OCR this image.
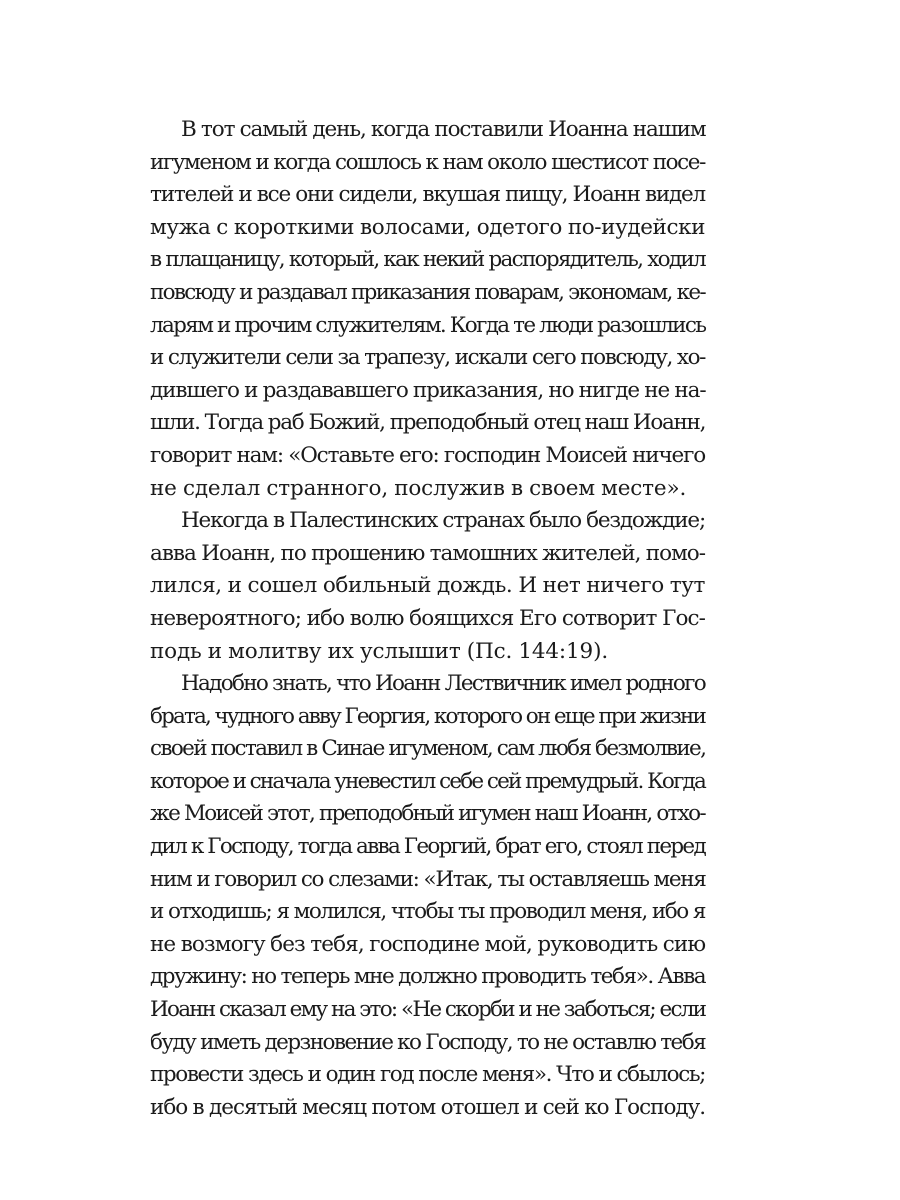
В тот самый день, когда поставили Иоанна нашим
игуменом и когда сошлось к нам около шестисот посе-
тителей и все они сидели, вкушая пищу, Иоанн видел
мужа с короткими волосами, одетого по-иудейски
в плащаницу, который, как некий распорядитель, ходил
повсюду и раздавал приказания поварам, экономам, ке-
ларям и прочим служителям. Когда те люди разошлись
и служители сели за трапезу, искали сего повсюду, хо-
дившего и раздававшего приказания, но нигде не на-
шли. Тогда раб Божий, преподобный отец наш Иоанн,
говорит нам: «Оставьте его: господин Моисей ничего
не сделал странного, послужив в своем месте».
Некогда в Палестинских странах было бездождие;
авва Иоанн, по прошению тамошних жителей, помо-
лился, и сошел обильный дождь. И нет ничего тут
невероятного; ибо волю боящихся Его сотворит Гос-
подь и молитву их услышит (Пс. 144:19).
Надобно знать, что Иоанн Лествичник имел родного
брата, чудного авву Георгия, которого он еще при жизни
своей поставил в Синае игуменом, сам любя безмолвие,
которое и сначала уневестил себе сей премудрый. Когда
же Моисей этот, преподобный игумен наш Иоанн, отхо-
дил к Господу, тогда авва Георгий, брат его, стоял перед
ним и говорил со слезами: «Итак, ты оставляешь меня
и отходишь; я молился, чтобы ты проводил меня, ибо я
не возмогу без тебя, господине мой, руководить сию
дружину: но теперь мне должно проводить тебя». Авва
Иоанн сказал ему на это: «Не скорби и не заботься; если
буду иметь дерзновение ко Господу, то не оставлю тебя
провести здесь и один год после меня». Что и сбылось;
ибо в десятый месяц потом отошел и сей ко Господу.
